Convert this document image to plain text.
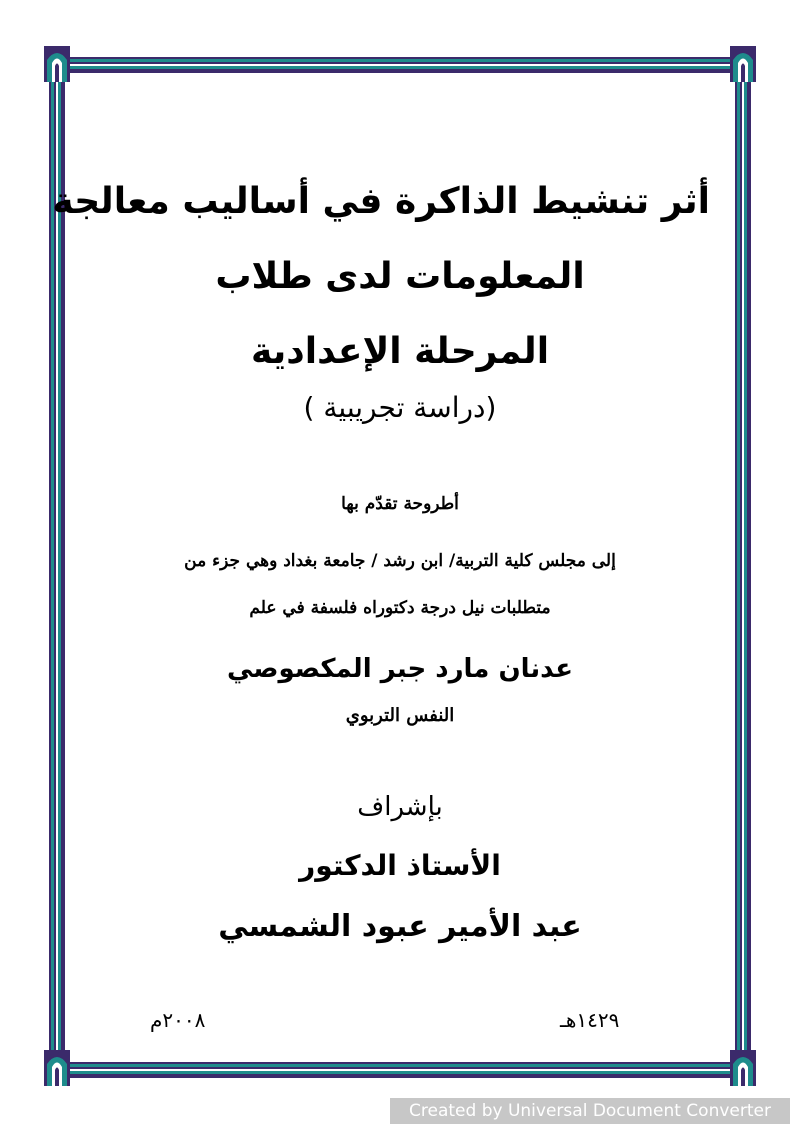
أثر تنشيط الذاكرة في أساليب معالجة
المعلومات لدى طلاب
المرحلة الإعدادية
(دراسة تجريبية )
أطروحة تقدّم بها
إلى مجلس كلية التربية/ ابن رشد / جامعة بغداد وهي جزء من
متطلبات نيل درجة دكتوراه فلسفة في علم
عدنان مارد جبر المكصوصي
النفس التربوي
بإشراف
الأستاذ الدكتور
عبد الأمير عبود الشمسي
١٤٢٩هـ
٢٠٠٨م
Created by Universal Document Converter
